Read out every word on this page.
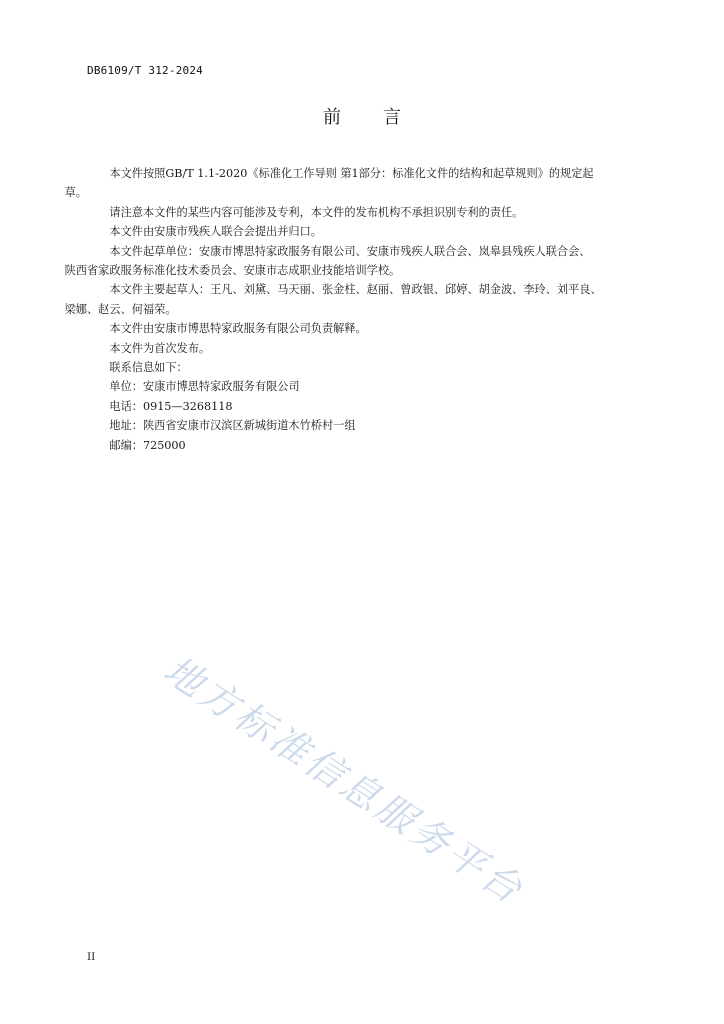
DB6109/T 312-2024
前 言

本文件按照GB/T 1.1-2020《标准化工作导则 第1部分：标准化文件的结构和起草规则》的规定起
草。

请注意本文件的某些内容可能涉及专利，本文件的发布机构不承担识别专利的责任。

本文件由安康市残疾人联合会提出并归口。

本文件起草单位：安康市博思特家政服务有限公司、安康市残疾人联合会、岚皋县残疾人联合会、
陕西省家政服务标准化技术委员会、安康市志成职业技能培训学校。

本文件主要起草人：王凡、刘黛、马天丽、张金柱、赵丽、曾政银、邱婷、胡金波、李玲、刘平良、
梁娜、赵云、何福荣。

本文件由安康市博思特家政服务有限公司负责解释。

本文件为首次发布。

联系信息如下：

单位：安康市博思特家政服务有限公司

电话：0915—3268118

地址：陕西省安康市汉滨区新城街道木竹桥村一组

邮编：725000

地方标准信息服务平台
II
